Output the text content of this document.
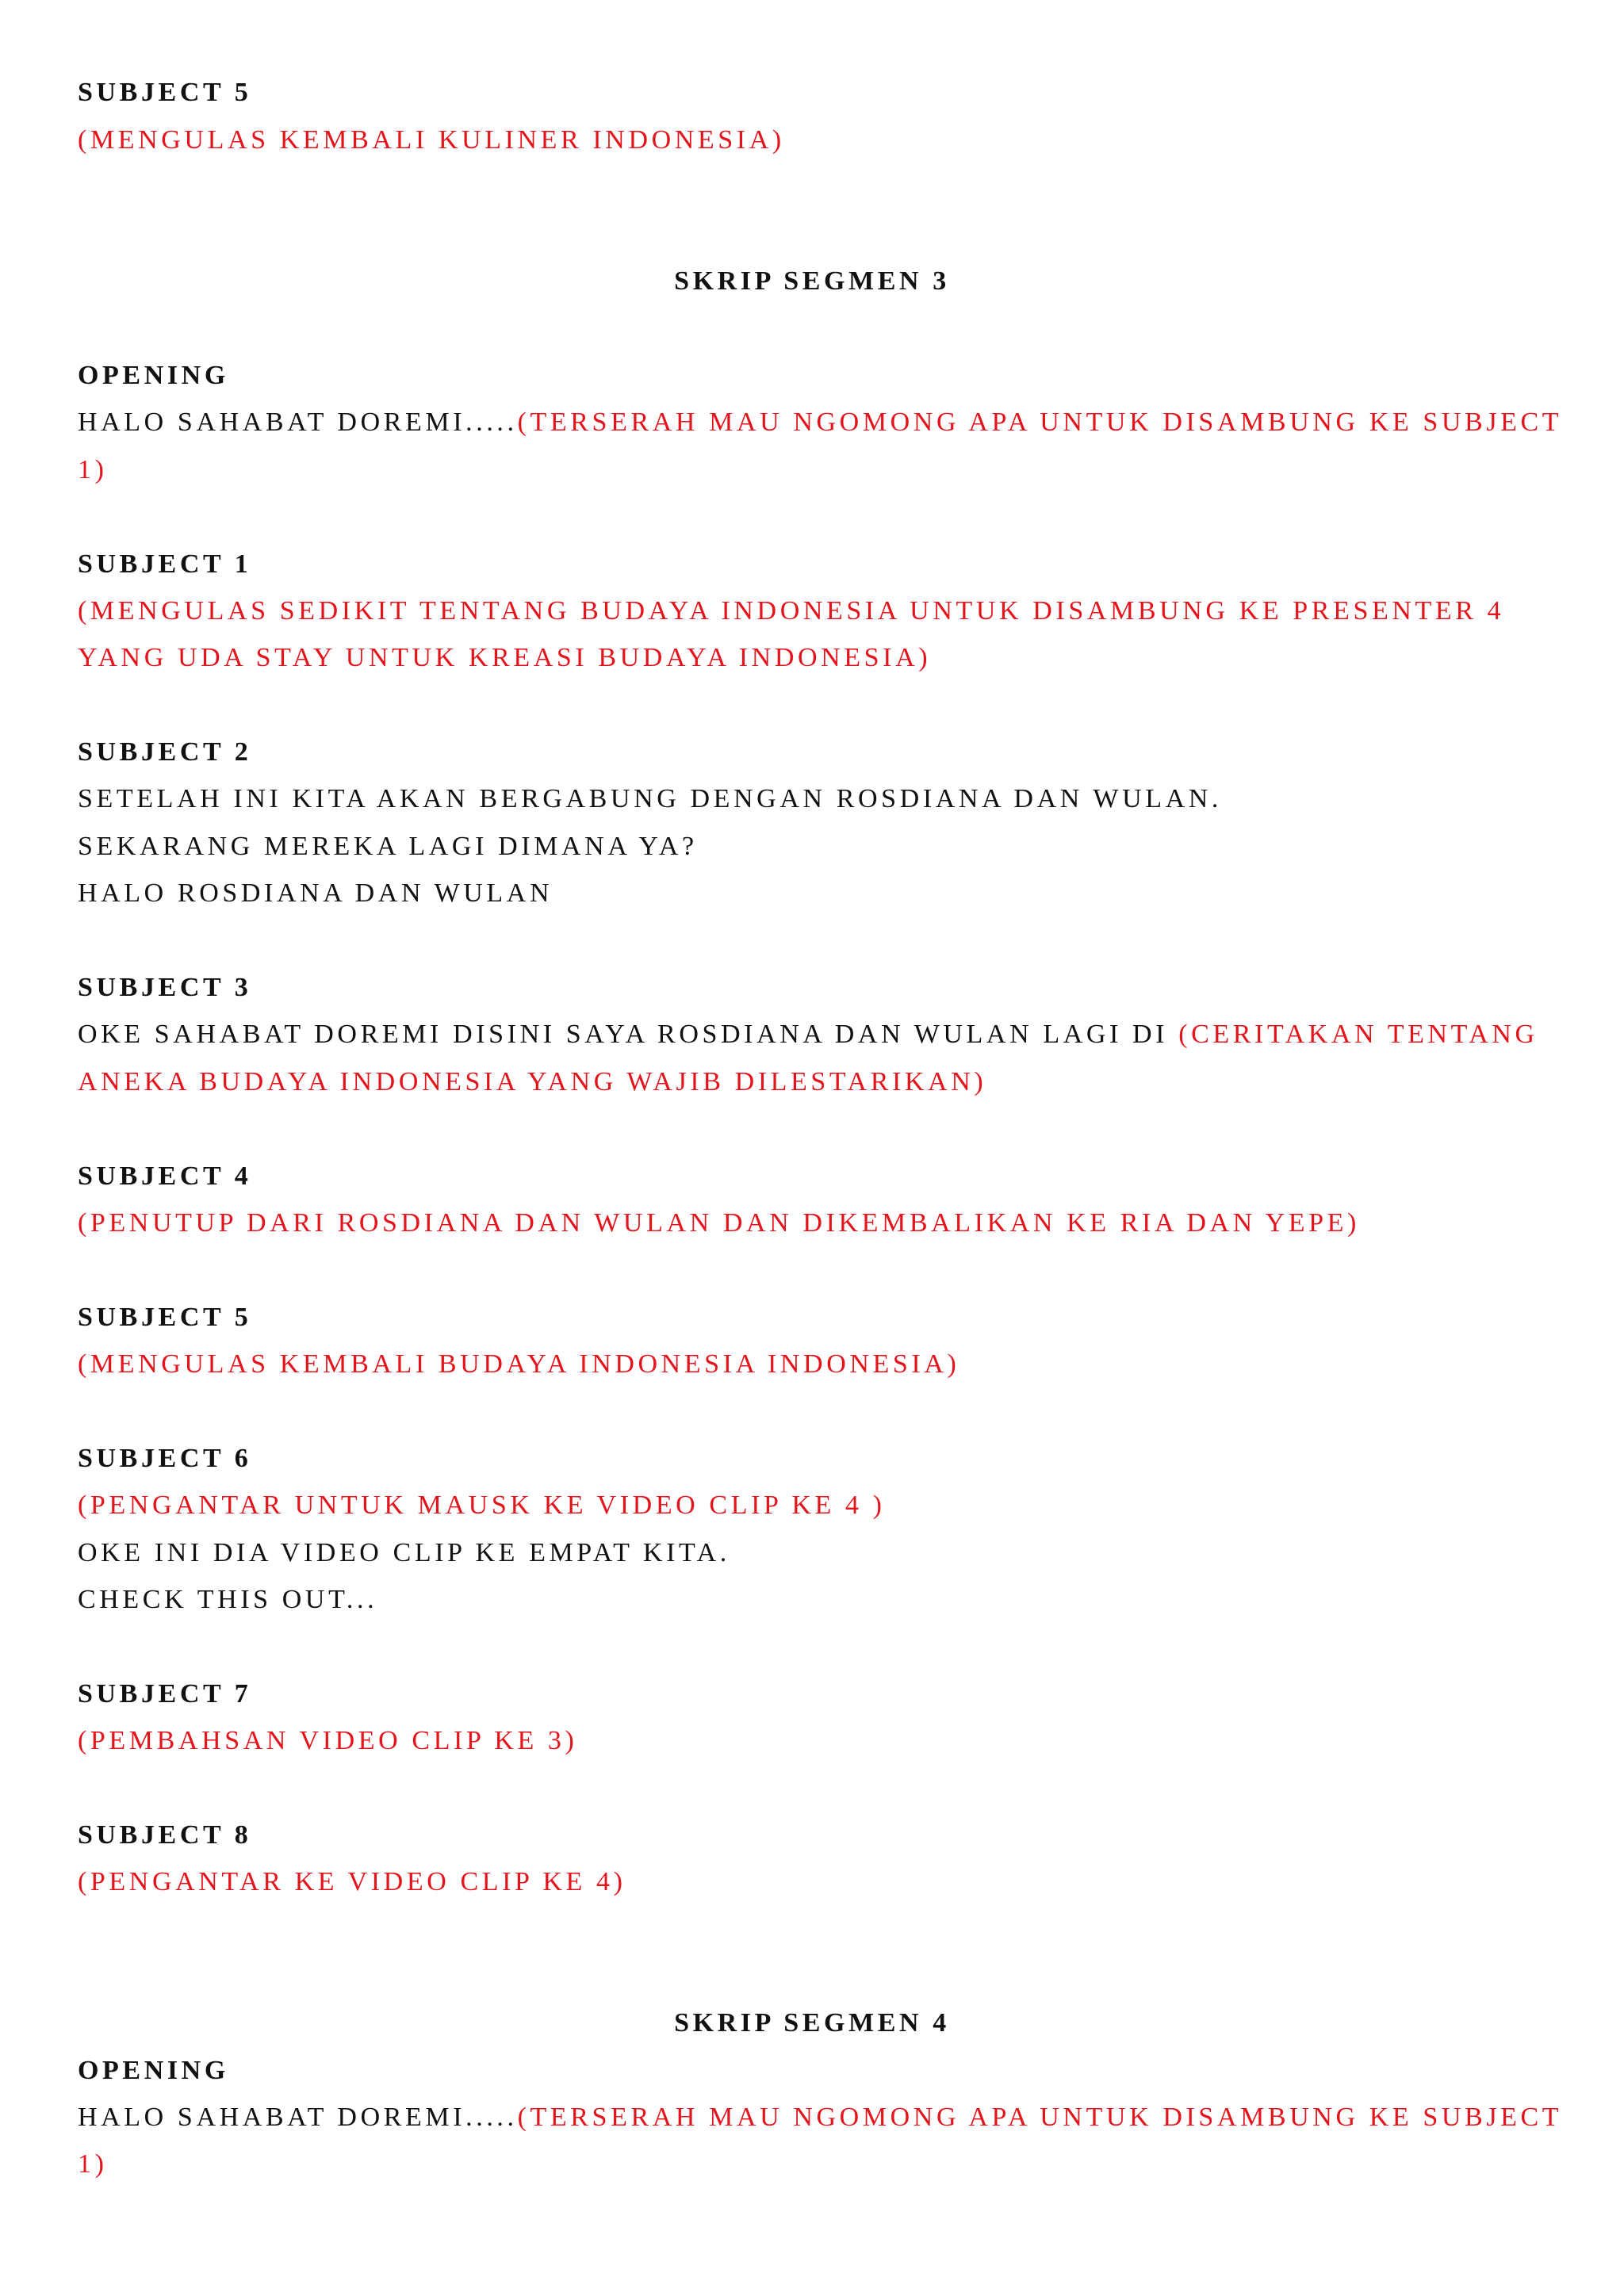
SUBJECT 5
(MENGULAS KEMBALI KULINER INDONESIA)
SKRIP SEGMEN 3
OPENING
HALO SAHABAT DOREMI.....(TERSERAH MAU NGOMONG APA UNTUK DISAMBUNG KE SUBJECT
1)
SUBJECT 1
(MENGULAS SEDIKIT TENTANG BUDAYA INDONESIA UNTUK DISAMBUNG KE PRESENTER 4
YANG UDA STAY UNTUK KREASI BUDAYA INDONESIA)
SUBJECT 2
SETELAH INI KITA AKAN BERGABUNG DENGAN ROSDIANA DAN WULAN.
SEKARANG MEREKA LAGI DIMANA YA?
HALO ROSDIANA DAN WULAN
SUBJECT 3
OKE SAHABAT DOREMI DISINI SAYA ROSDIANA DAN WULAN LAGI DI (CERITAKAN TENTANG
ANEKA BUDAYA INDONESIA YANG WAJIB DILESTARIKAN)
SUBJECT 4
(PENUTUP DARI ROSDIANA DAN WULAN DAN DIKEMBALIKAN KE RIA DAN YEPE)
SUBJECT 5
(MENGULAS KEMBALI BUDAYA INDONESIA INDONESIA)
SUBJECT 6
(PENGANTAR UNTUK MAUSK KE VIDEO CLIP KE 4 )
OKE INI DIA VIDEO CLIP KE EMPAT KITA.
CHECK THIS OUT...
SUBJECT 7
(PEMBAHSAN VIDEO CLIP KE 3)
SUBJECT 8
(PENGANTAR KE VIDEO CLIP KE 4)
SKRIP SEGMEN 4
OPENING
HALO SAHABAT DOREMI.....(TERSERAH MAU NGOMONG APA UNTUK DISAMBUNG KE SUBJECT
1)
